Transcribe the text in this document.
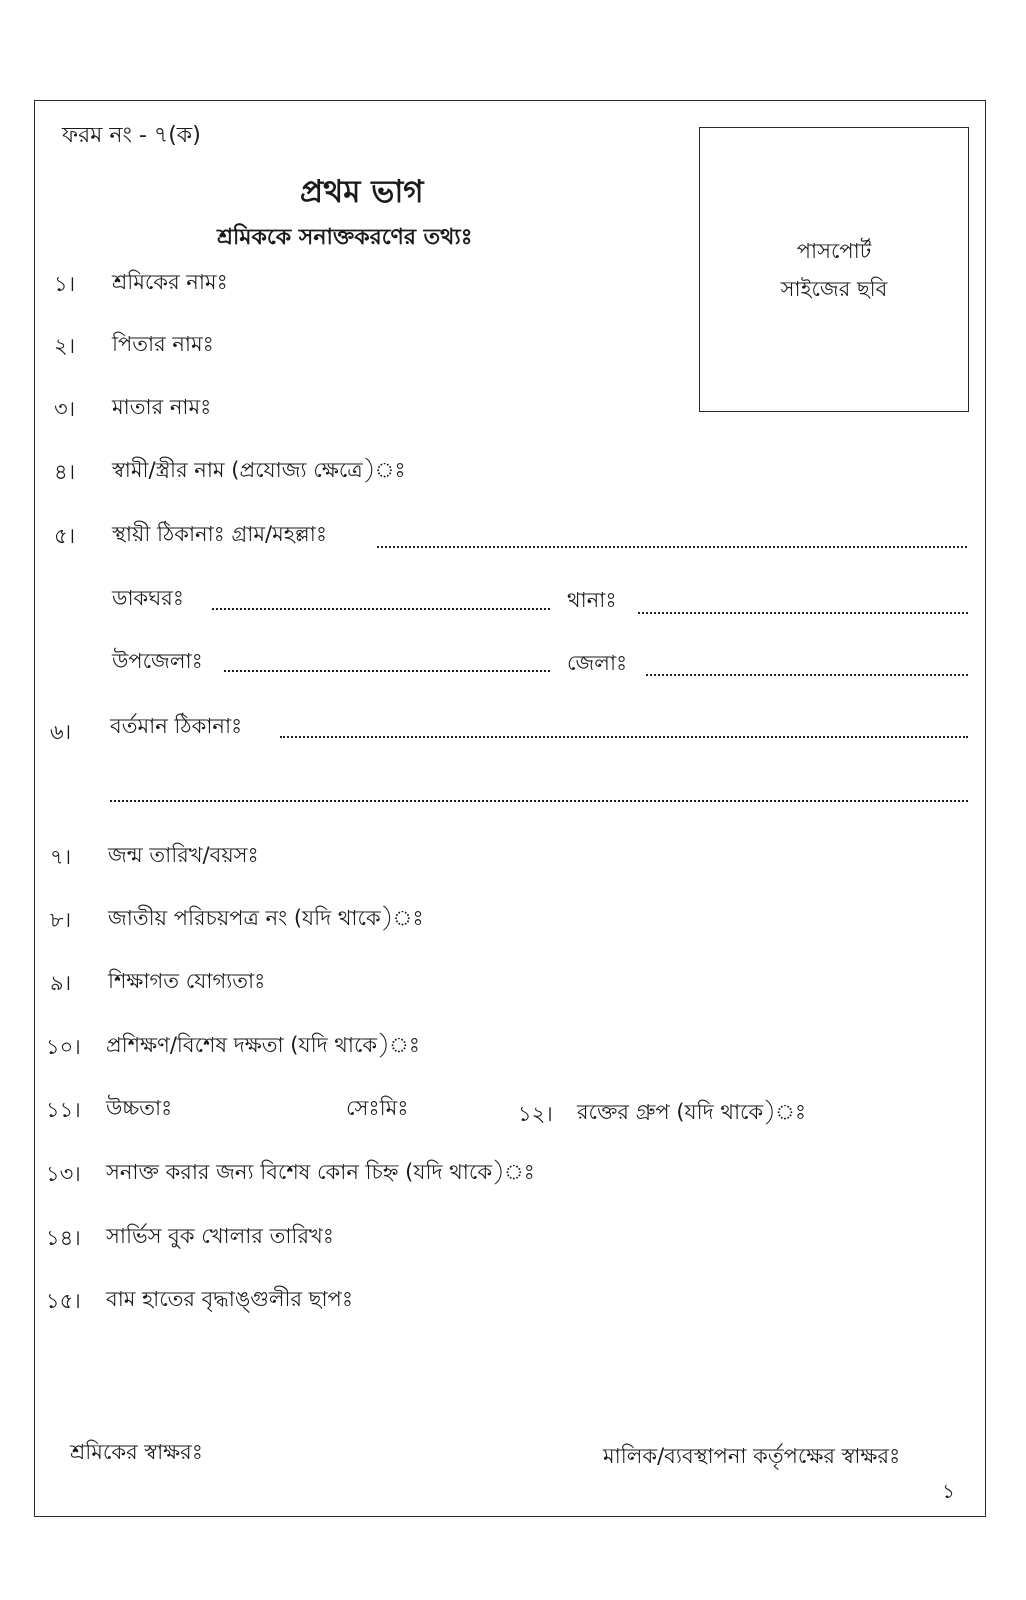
ফরম নং - ৭(ক)
পাসপোর্ট
সাইজের ছবি
প্রথম ভাগ
শ্রমিককে সনাক্তকরণের তথ্যঃ
১। শ্রমিকের নামঃ
২। পিতার নামঃ
৩। মাতার নামঃ
৪। স্বামী/স্ত্রীর নাম (প্রযোজ্য ক্ষেত্রে)ঃ
৫। স্থায়ী ঠিকানাঃ গ্রাম/মহল্লাঃ
ডাকঘরঃ	থানাঃ
উপজেলাঃ	জেলাঃ
৬। বর্তমান ঠিকানাঃ
৭। জন্ম তারিখ/বয়সঃ
৮। জাতীয় পরিচয়পত্র নং (যদি থাকে)ঃ
৯। শিক্ষাগত যোগ্যতাঃ
১০। প্রশিক্ষণ/বিশেষ দক্ষতা (যদি থাকে)ঃ
১১। উচ্চতাঃ	সেঃমিঃ	১২। রক্তের গ্রুপ (যদি থাকে)ঃ
১৩। সনাক্ত করার জন্য বিশেষ কোন চিহ্ন (যদি থাকে)ঃ
১৪। সার্ভিস বুক খোলার তারিখঃ
১৫। বাম হাতের বৃদ্ধাঙ্গুলীর ছাপঃ
শ্রমিকের স্বাক্ষরঃ	মালিক/ব্যবস্থাপনা কর্তৃপক্ষের স্বাক্ষরঃ
১
